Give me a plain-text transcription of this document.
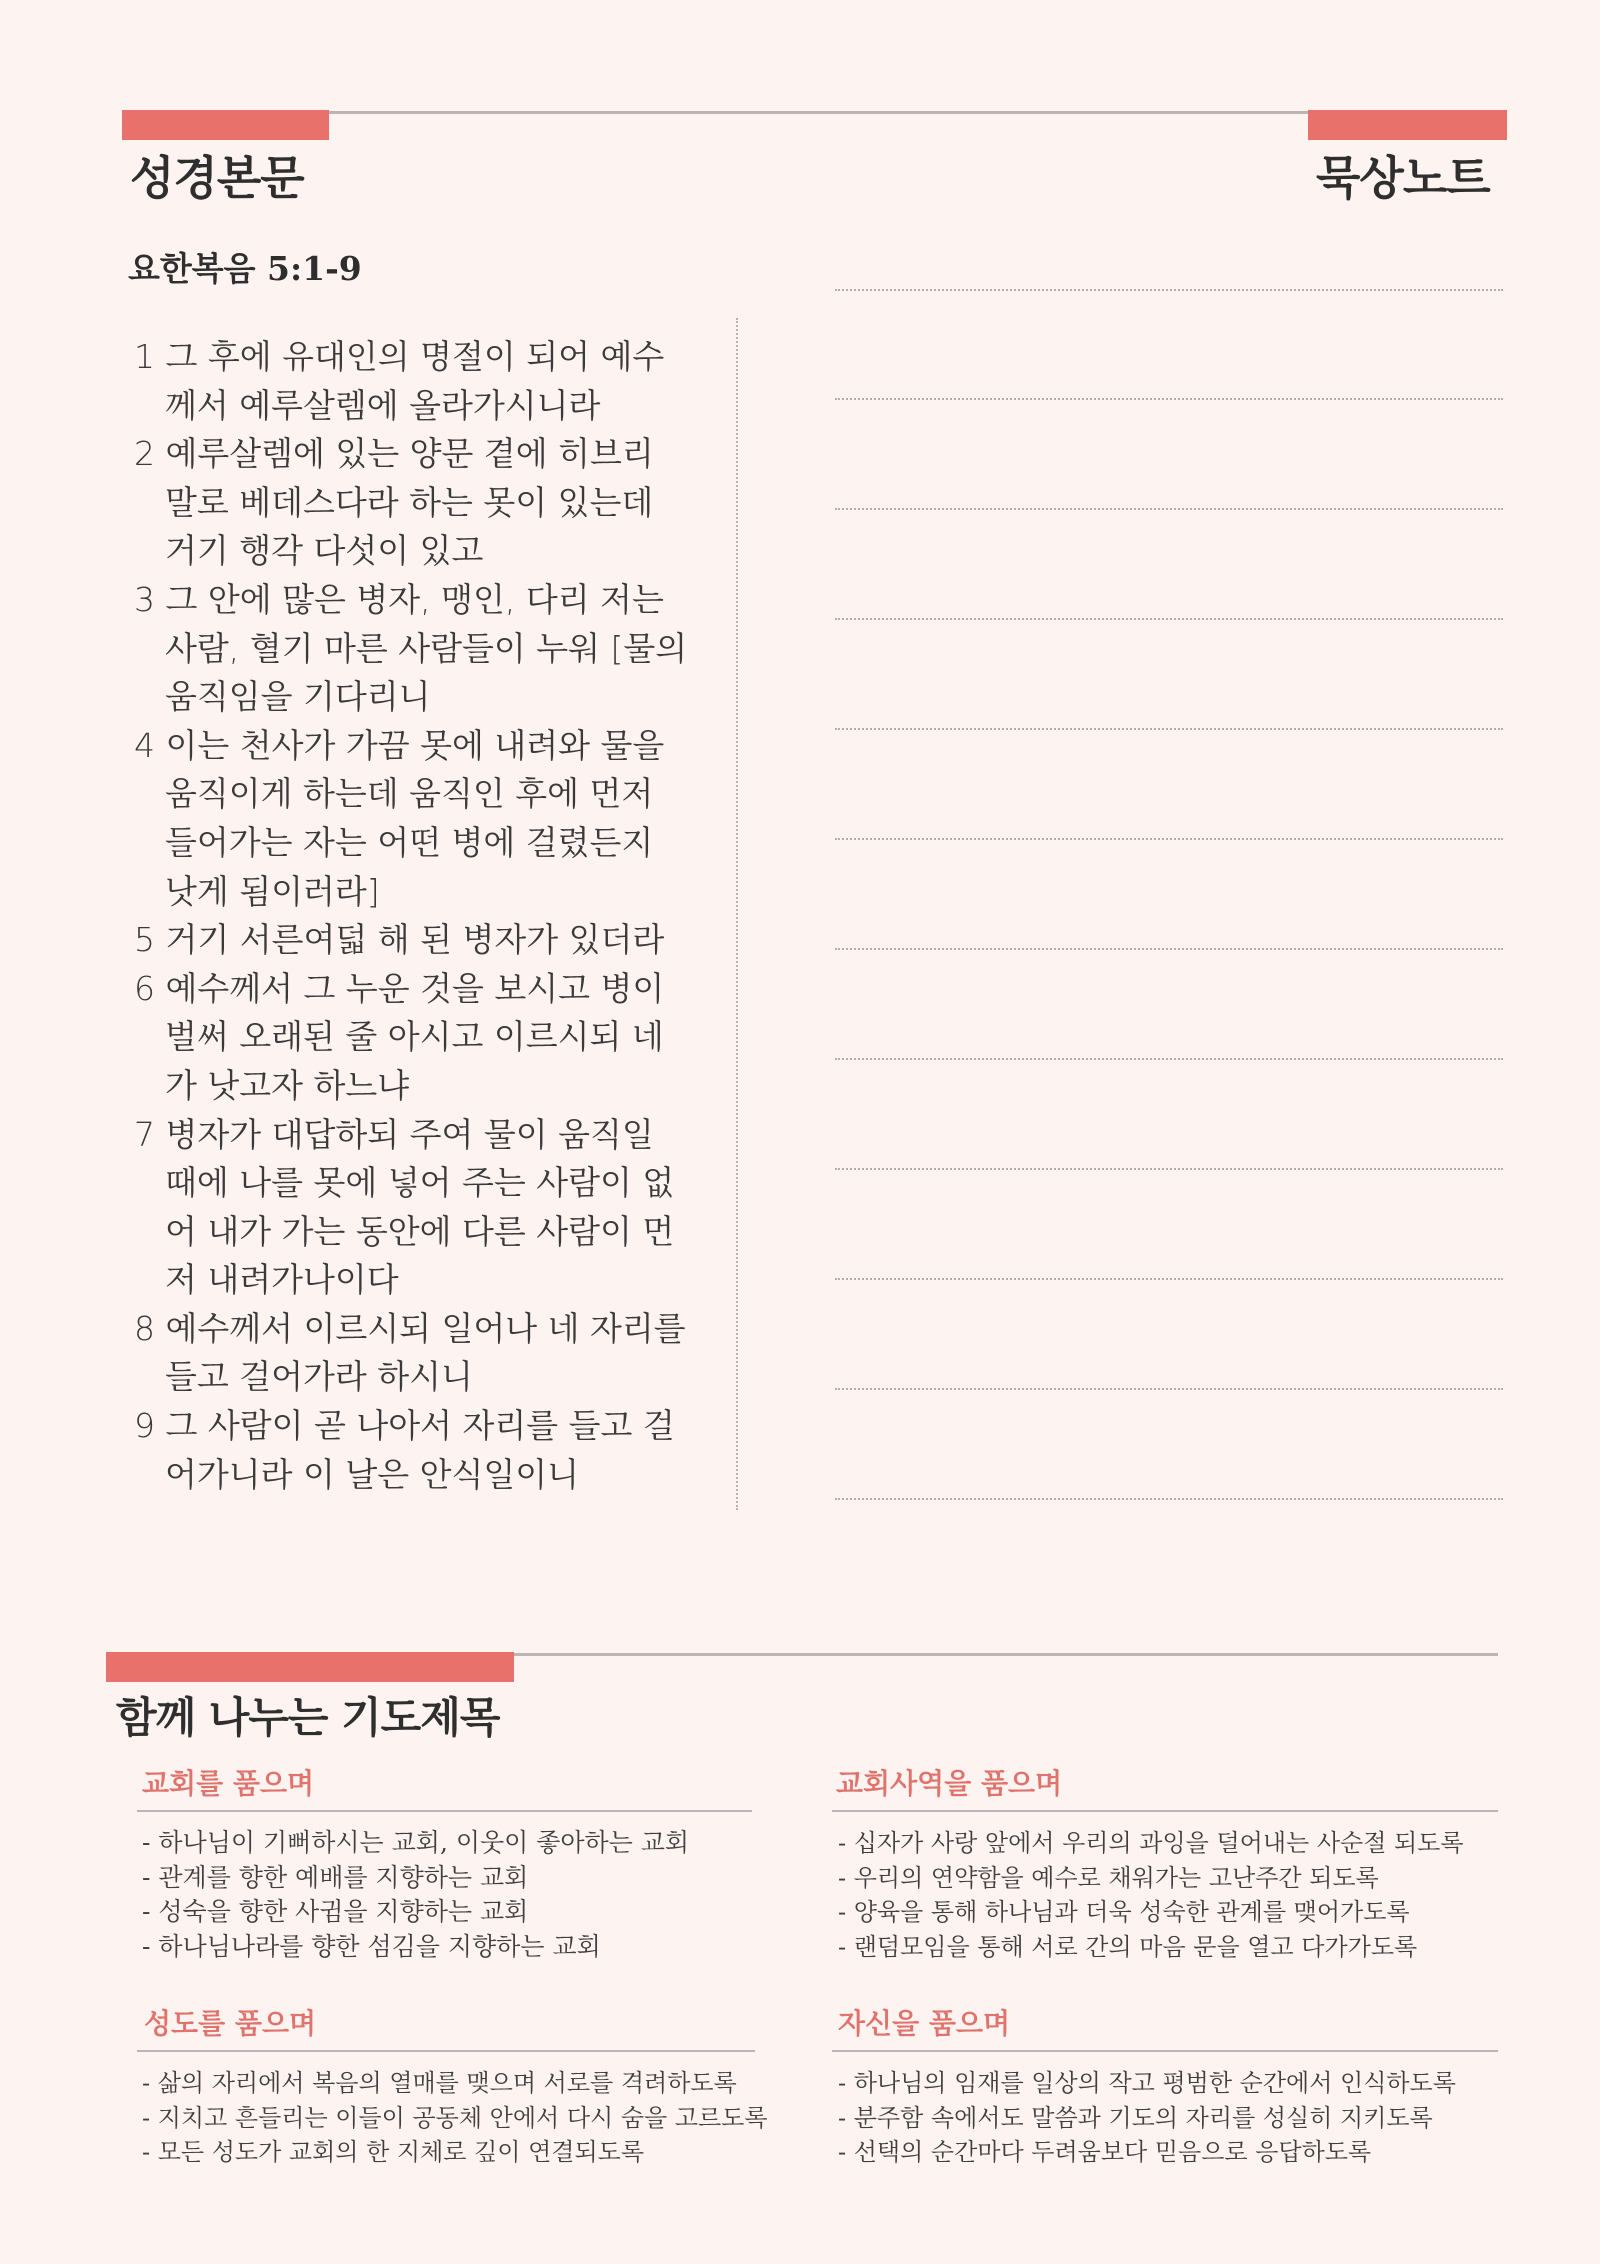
성경본문	묵상노트
요한복음 5:1-9

1 그 후에 유대인의 명절이 되어 예수께서 예루살렘에 올라가시니라

2 예루살렘에 있는 양문 곁에 히브리 말로 베데스다라 하는 못이 있는데 거기 행각 다섯이 있고

3 그 안에 많은 병자, 맹인, 다리 저는 사람, 혈기 마른 사람들이 누워 [물의 움직임을 기다리니

4 이는 천사가 가끔 못에 내려와 물을 움직이게 하는데 움직인 후에 먼저 들어가는 자는 어떤 병에 걸렸든지 낫게 됨이러라]

5 거기 서른여덟 해 된 병자가 있더라

6 예수께서 그 누운 것을 보시고 병이 벌써 오래된 줄 아시고 이르시되 네가 낫고자 하느냐

7 병자가 대답하되 주여 물이 움직일 때에 나를 못에 넣어 주는 사람이 없어 내가 가는 동안에 다른 사람이 먼저 내려가나이다

8 예수께서 이르시되 일어나 네 자리를 들고 걸어가라 하시니

9 그 사람이 곧 나아서 자리를 들고 걸어가니라 이 날은 안식일이니

함께 나누는 기도제목
교회를 품으며
- 하나님이 기뻐하시는 교회, 이웃이 좋아하는 교회
- 관계를 향한 예배를 지향하는 교회
- 성숙을 향한 사귐을 지향하는 교회
- 하나님나라를 향한 섬김을 지향하는 교회
교회사역을 품으며
- 십자가 사랑 앞에서 우리의 과잉을 덜어내는 사순절 되도록
- 우리의 연약함을 예수로 채워가는 고난주간 되도록
- 양육을 통해 하나님과 더욱 성숙한 관계를 맺어가도록
- 랜덤모임을 통해 서로 간의 마음 문을 열고 다가가도록
성도를 품으며
- 삶의 자리에서 복음의 열매를 맺으며 서로를 격려하도록
- 지치고 흔들리는 이들이 공동체 안에서 다시 숨을 고르도록
- 모든 성도가 교회의 한 지체로 깊이 연결되도록
자신을 품으며
- 하나님의 임재를 일상의 작고 평범한 순간에서 인식하도록
- 분주함 속에서도 말씀과 기도의 자리를 성실히 지키도록
- 선택의 순간마다 두려움보다 믿음으로 응답하도록
